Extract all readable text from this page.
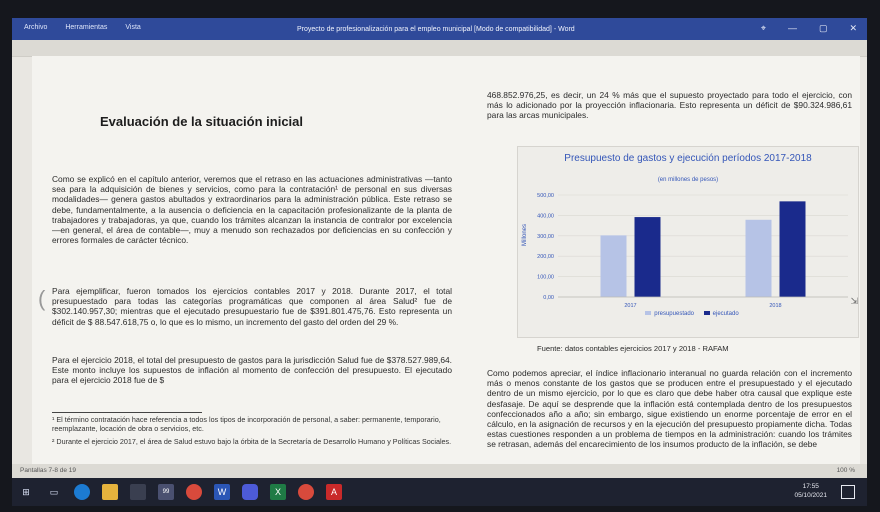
Archivo	Herramientas	Vista	Proyecto de profesionalización para el empleo municipal [Modo de compatibilidad] - Word	⌖ — ▢ ✕
(
Evaluación de la situación inicial
Como se explicó en el capítulo anterior, veremos que el retraso en las actuaciones administrativas —tanto sea para la adquisición de bienes y servicios, como para la contratación¹ de personal en sus diversas modalidades— genera gastos abultados y extraordinarios para la administración pública. Este retraso se debe, fundamentalmente, a la ausencia o deficiencia en la capacitación profesionalizante de la planta de trabajadores y trabajadoras, ya que, cuando los trámites alcanzan la instancia de contralor por excelencia —en general, el área de contable—, muy a menudo son rechazados por deficiencias en su confección y errores formales de carácter técnico.
Para ejemplificar, fueron tomados los ejercicios contables 2017 y 2018. Durante 2017, el total presupuestado para todas las categorías programáticas que componen al área Salud² fue de $302.140.957,30; mientras que el ejecutado presupuestario fue de $391.801.475,76. Esto representa un déficit de $ 88.547.618,75 o, lo que es lo mismo, un incremento del gasto del orden del 29 %.
Para el ejercicio 2018, el total del presupuesto de gastos para la jurisdicción Salud fue de $378.527.989,64. Este monto incluye los supuestos de inflación al momento de confección del presupuesto. El ejecutado para el ejercicio 2018 fue de $
¹ El término contratación hace referencia a todos los tipos de incorporación de personal, a saber: permanente, temporario, reemplazante, locación de obra o servicios, etc.
² Durante el ejercicio 2017, el área de Salud estuvo bajo la órbita de la Secretaría de Desarrollo Humano y Políticas Sociales.
468.852.976,25, es decir, un 24 % más que el supuesto proyectado para todo el ejercicio, con más lo adicionado por la proyección inflacionaria. Esto representa un déficit de $90.324.986,61 para las arcas municipales.
Presupuesto de gastos y ejecución períodos 2017-2018
(en millones de pesos)
Millones
0,00
100,00
200,00
300,00
400,00
500,00
2017	2018
presupuestado	ejecutado
Fuente: datos contables ejercicios 2017 y 2018 - RAFAM
Como podemos apreciar, el índice inflacionario interanual no guarda relación con el incremento más o menos constante de los gastos que se producen entre el presupuestado y el ejecutado dentro de un mismo ejercicio, por lo que es claro que debe haber otra causal que explique este desfasaje. De aquí se desprende que la inflación está contemplada dentro de los presupuestos confeccionados año a año; sin embargo, sigue existiendo un enorme porcentaje de error en el cálculo, en la asignación de recursos y en la ejecución del presupuesto propiamente dicha. Todas estas cuestiones responden a un problema de tiempos en la administración: cuando los trámites se retrasan, además del encarecimiento de los insumos producto de la inflación, se debe
⇲
Pantallas 7-8 de 19	100 %
⊞	▭	99	W	X	A
17:55
05/10/2021
